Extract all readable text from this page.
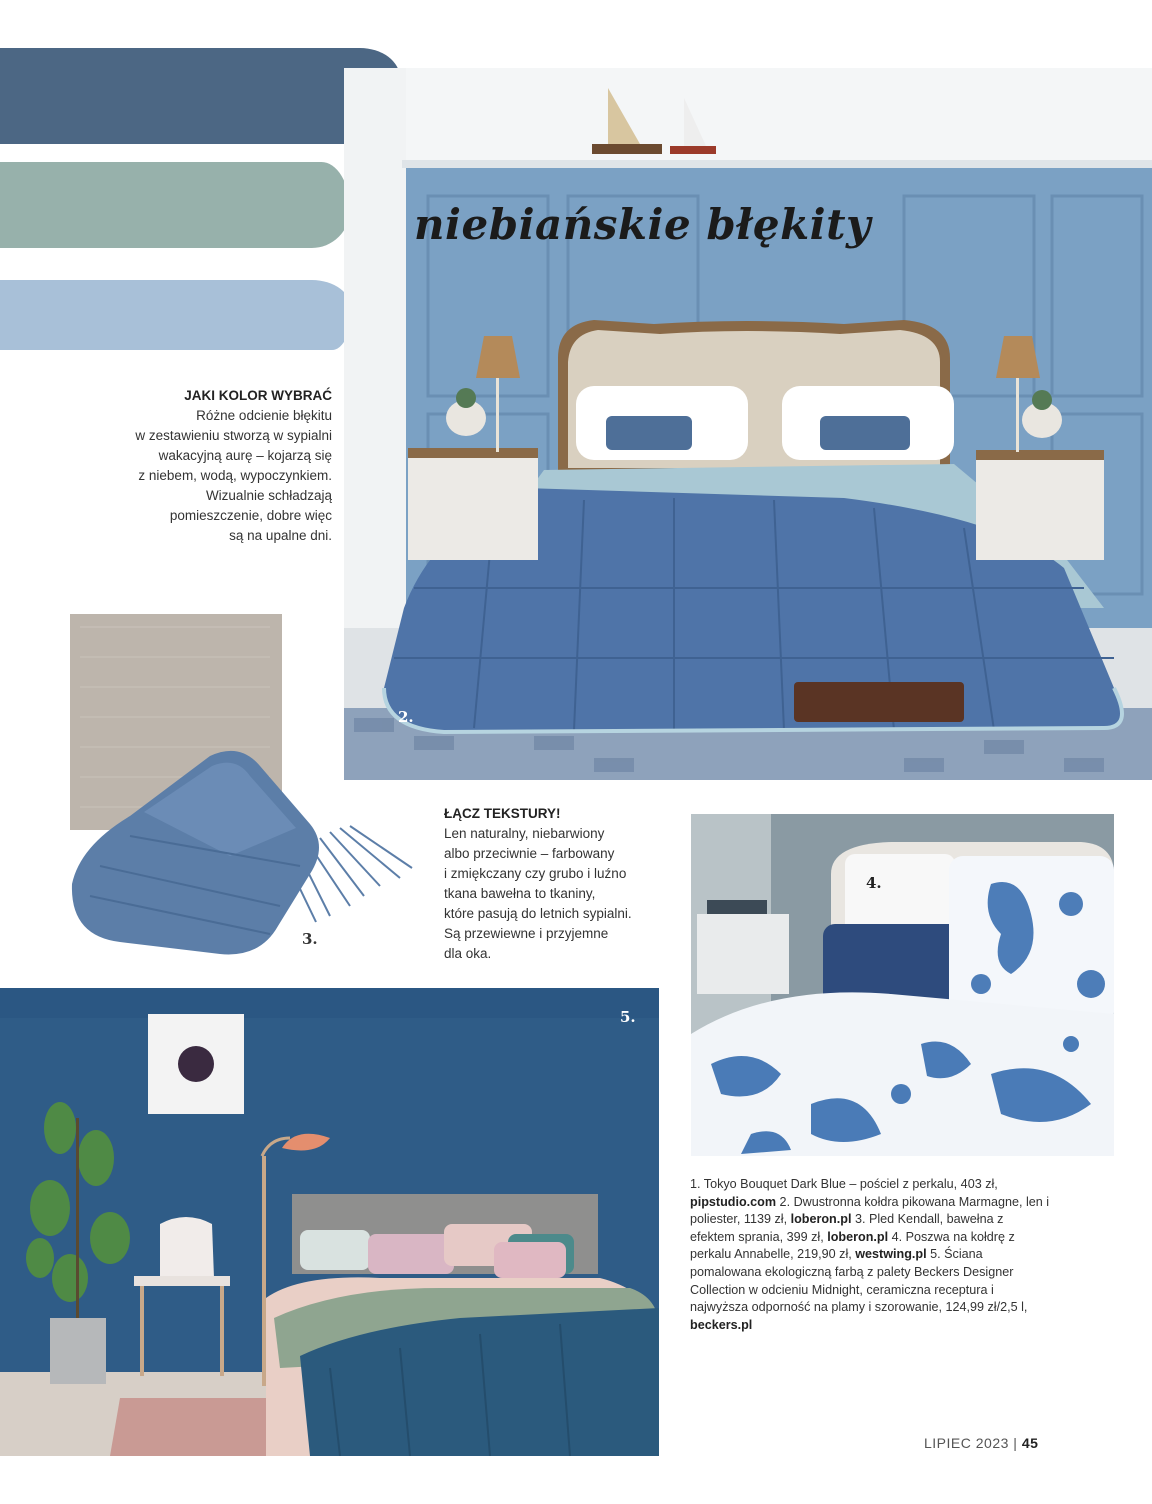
niebiańskie błękity
2.
JAKI KOLOR WYBRAĆ
Różne odcienie błękitu
w zestawieniu stworzą w sypialni
wakacyjną aurę – kojarzą się
z niebem, wodą, wypoczynkiem.
Wizualnie schładzają
pomieszczenie, dobre więc
są na upalne dni.
3.
ŁĄCZ TEKSTURY!
Len naturalny, niebarwiony
albo przeciwnie – farbowany
i zmiękczany czy grubo i luźno
tkana bawełna to tkaniny,
które pasują do letnich sypialni.
Są przewiewne i przyjemne
dla oka.
4.
5.
1. Tokyo Bouquet Dark Blue – pościel z perkalu, 403 zł, pipstudio.com 2. Dwustronna kołdra pikowana Marmagne, len i poliester, 1139 zł, loberon.pl 3. Pled Kendall, bawełna z efektem sprania, 399 zł, loberon.pl 4. Poszwa na kołdrę z perkalu Annabelle, 219,90 zł, westwing.pl 5. Ściana pomalowana ekologiczną farbą z palety Beckers Designer Collection w odcieniu Midnight, ceramiczna receptura i najwyższa odporność na plamy i szorowanie, 124,99 zł/2,5 l, beckers.pl
LIPIEC 2023 | 45
